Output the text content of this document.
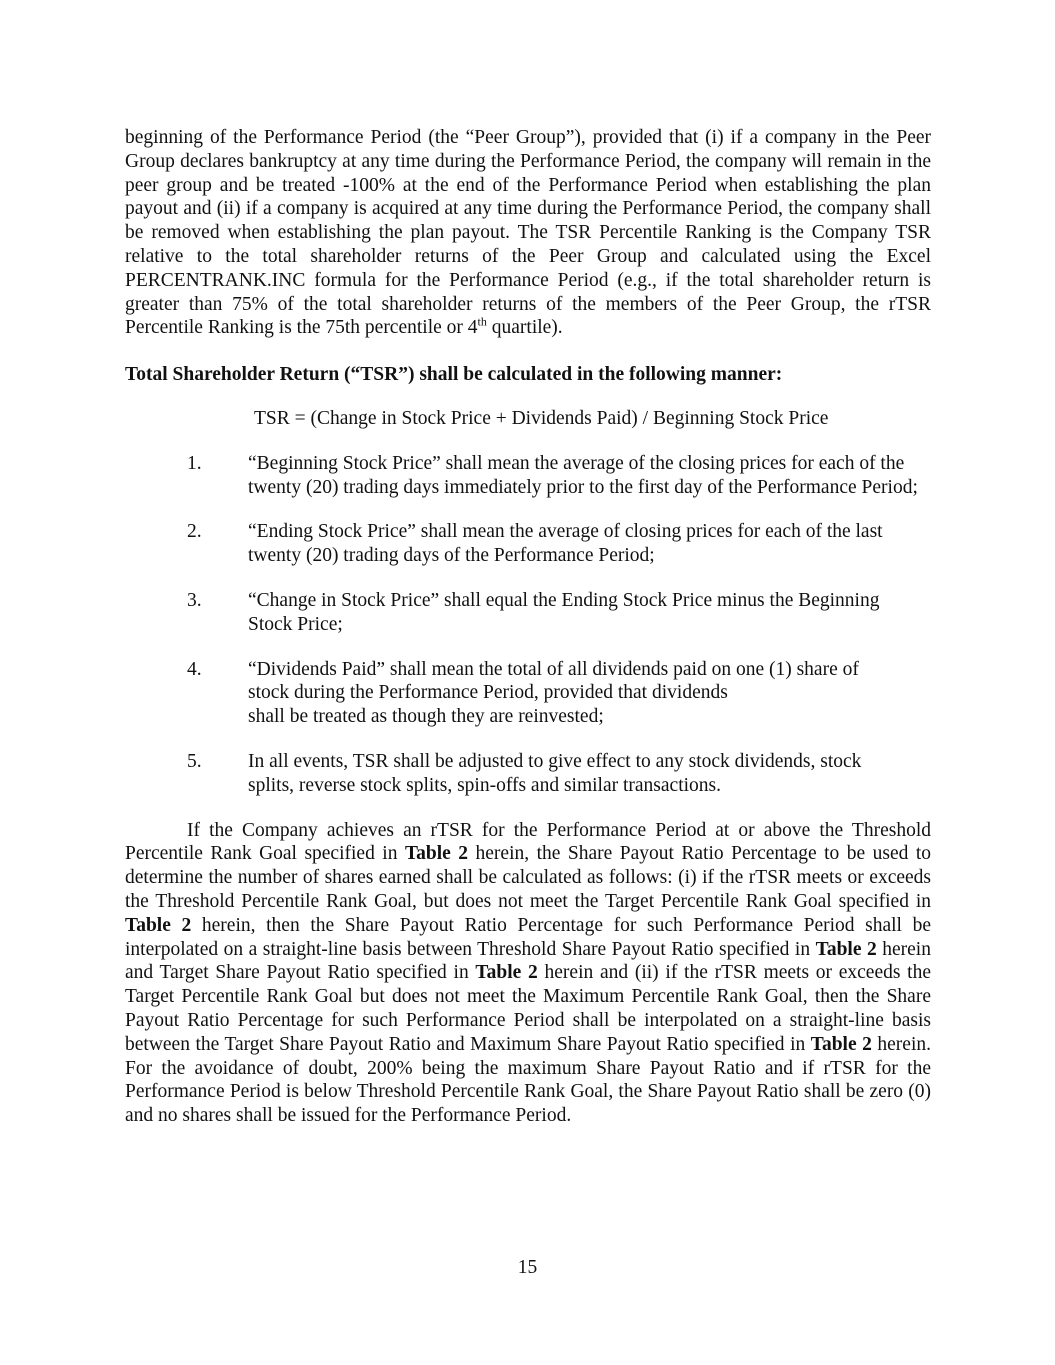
beginning of the Performance Period (the “Peer Group”), provided that (i) if a company in the Peer Group declares bankruptcy at any time during the Performance Period, the company will remain in the peer group and be treated -100% at the end of the Performance Period when establishing the plan payout and (ii) if a company is acquired at any time during the Performance Period, the company shall be removed when establishing the plan payout. The TSR Percentile Ranking is the Company TSR relative to the total shareholder returns of the Peer Group and calculated using the Excel PERCENTRANK.INC formula for the Performance Period (e.g., if the total shareholder return is greater than 75% of the total shareholder returns of the members of the Peer Group, the rTSR Percentile Ranking is the 75th percentile or 4th quartile).

Total Shareholder Return (“TSR”) shall be calculated in the following manner:

TSR = (Change in Stock Price + Dividends Paid) / Beginning Stock Price

1. “Beginning Stock Price” shall mean the average of the closing prices for each of the twenty (20) trading days immediately prior to the first day of the Performance Period;
2. “Ending Stock Price” shall mean the average of closing prices for each of the last
twenty (20) trading days of the Performance Period;
3. “Change in Stock Price” shall equal the Ending Stock Price minus the Beginning
Stock Price;
4. “Dividends Paid” shall mean the total of all dividends paid on one (1) share of
stock during the Performance Period, provided that dividends
shall be treated as though they are reinvested;
5. In all events, TSR shall be adjusted to give effect to any stock dividends, stock
splits, reverse stock splits, spin-offs and similar transactions.

If the Company achieves an rTSR for the Performance Period at or above the Threshold Percentile Rank Goal specified in Table 2 herein, the Share Payout Ratio Percentage to be used to determine the number of shares earned shall be calculated as follows: (i) if the rTSR meets or exceeds the Threshold Percentile Rank Goal, but does not meet the Target Percentile Rank Goal specified in Table 2 herein, then the Share Payout Ratio Percentage for such Performance Period shall be interpolated on a straight-line basis between Threshold Share Payout Ratio specified in Table 2 herein and Target Share Payout Ratio specified in Table 2 herein and (ii) if the rTSR meets or exceeds the Target Percentile Rank Goal but does not meet the Maximum Percentile Rank Goal, then the Share Payout Ratio Percentage for such Performance Period shall be interpolated on a straight-line basis between the Target Share Payout Ratio and Maximum Share Payout Ratio specified in Table 2 herein. For the avoidance of doubt, 200% being the maximum Share Payout Ratio and if rTSR for the Performance Period is below Threshold Percentile Rank Goal, the Share Payout Ratio shall be zero (0) and no shares shall be issued for the Performance Period.

15
